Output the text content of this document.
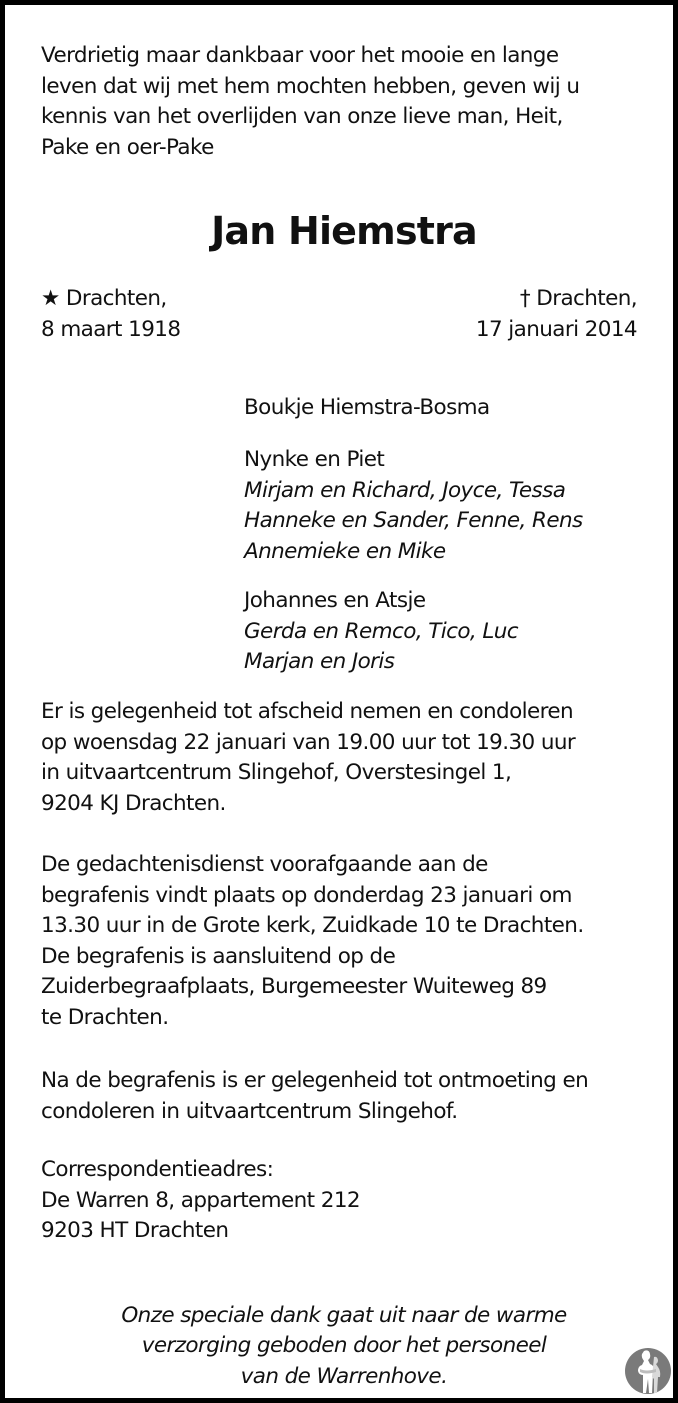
Verdrietig maar dankbaar voor het mooie en lange
leven dat wij met hem mochten hebben, geven wij u
kennis van het overlijden van onze lieve man, Heit,
Pake en oer-Pake

Jan Hiemstra

★ Drachten,
8 maart 1918

† Drachten,
17 januari 2014

Boukje Hiemstra-Bosma

Nynke en Piet
Mirjam en Richard, Joyce, Tessa
Hanneke en Sander, Fenne, Rens
Annemieke en Mike

Johannes en Atsje
Gerda en Remco, Tico, Luc
Marjan en Joris

Er is gelegenheid tot afscheid nemen en condoleren
op woensdag 22 januari van 19.00 uur tot 19.30 uur
in uitvaartcentrum Slingehof, Overstesingel 1,
9204 KJ Drachten.

De gedachtenisdienst voorafgaande aan de
begrafenis vindt plaats op donderdag 23 januari om
13.30 uur in de Grote kerk, Zuidkade 10 te Drachten.
De begrafenis is aansluitend op de
Zuiderbegraafplaats, Burgemeester Wuiteweg 89
te Drachten.

Na de begrafenis is er gelegenheid tot ontmoeting en
condoleren in uitvaartcentrum Slingehof.

Correspondentieadres:
De Warren 8, appartement 212
9203 HT Drachten

Onze speciale dank gaat uit naar de warme
verzorging geboden door het personeel
van de Warrenhove.
